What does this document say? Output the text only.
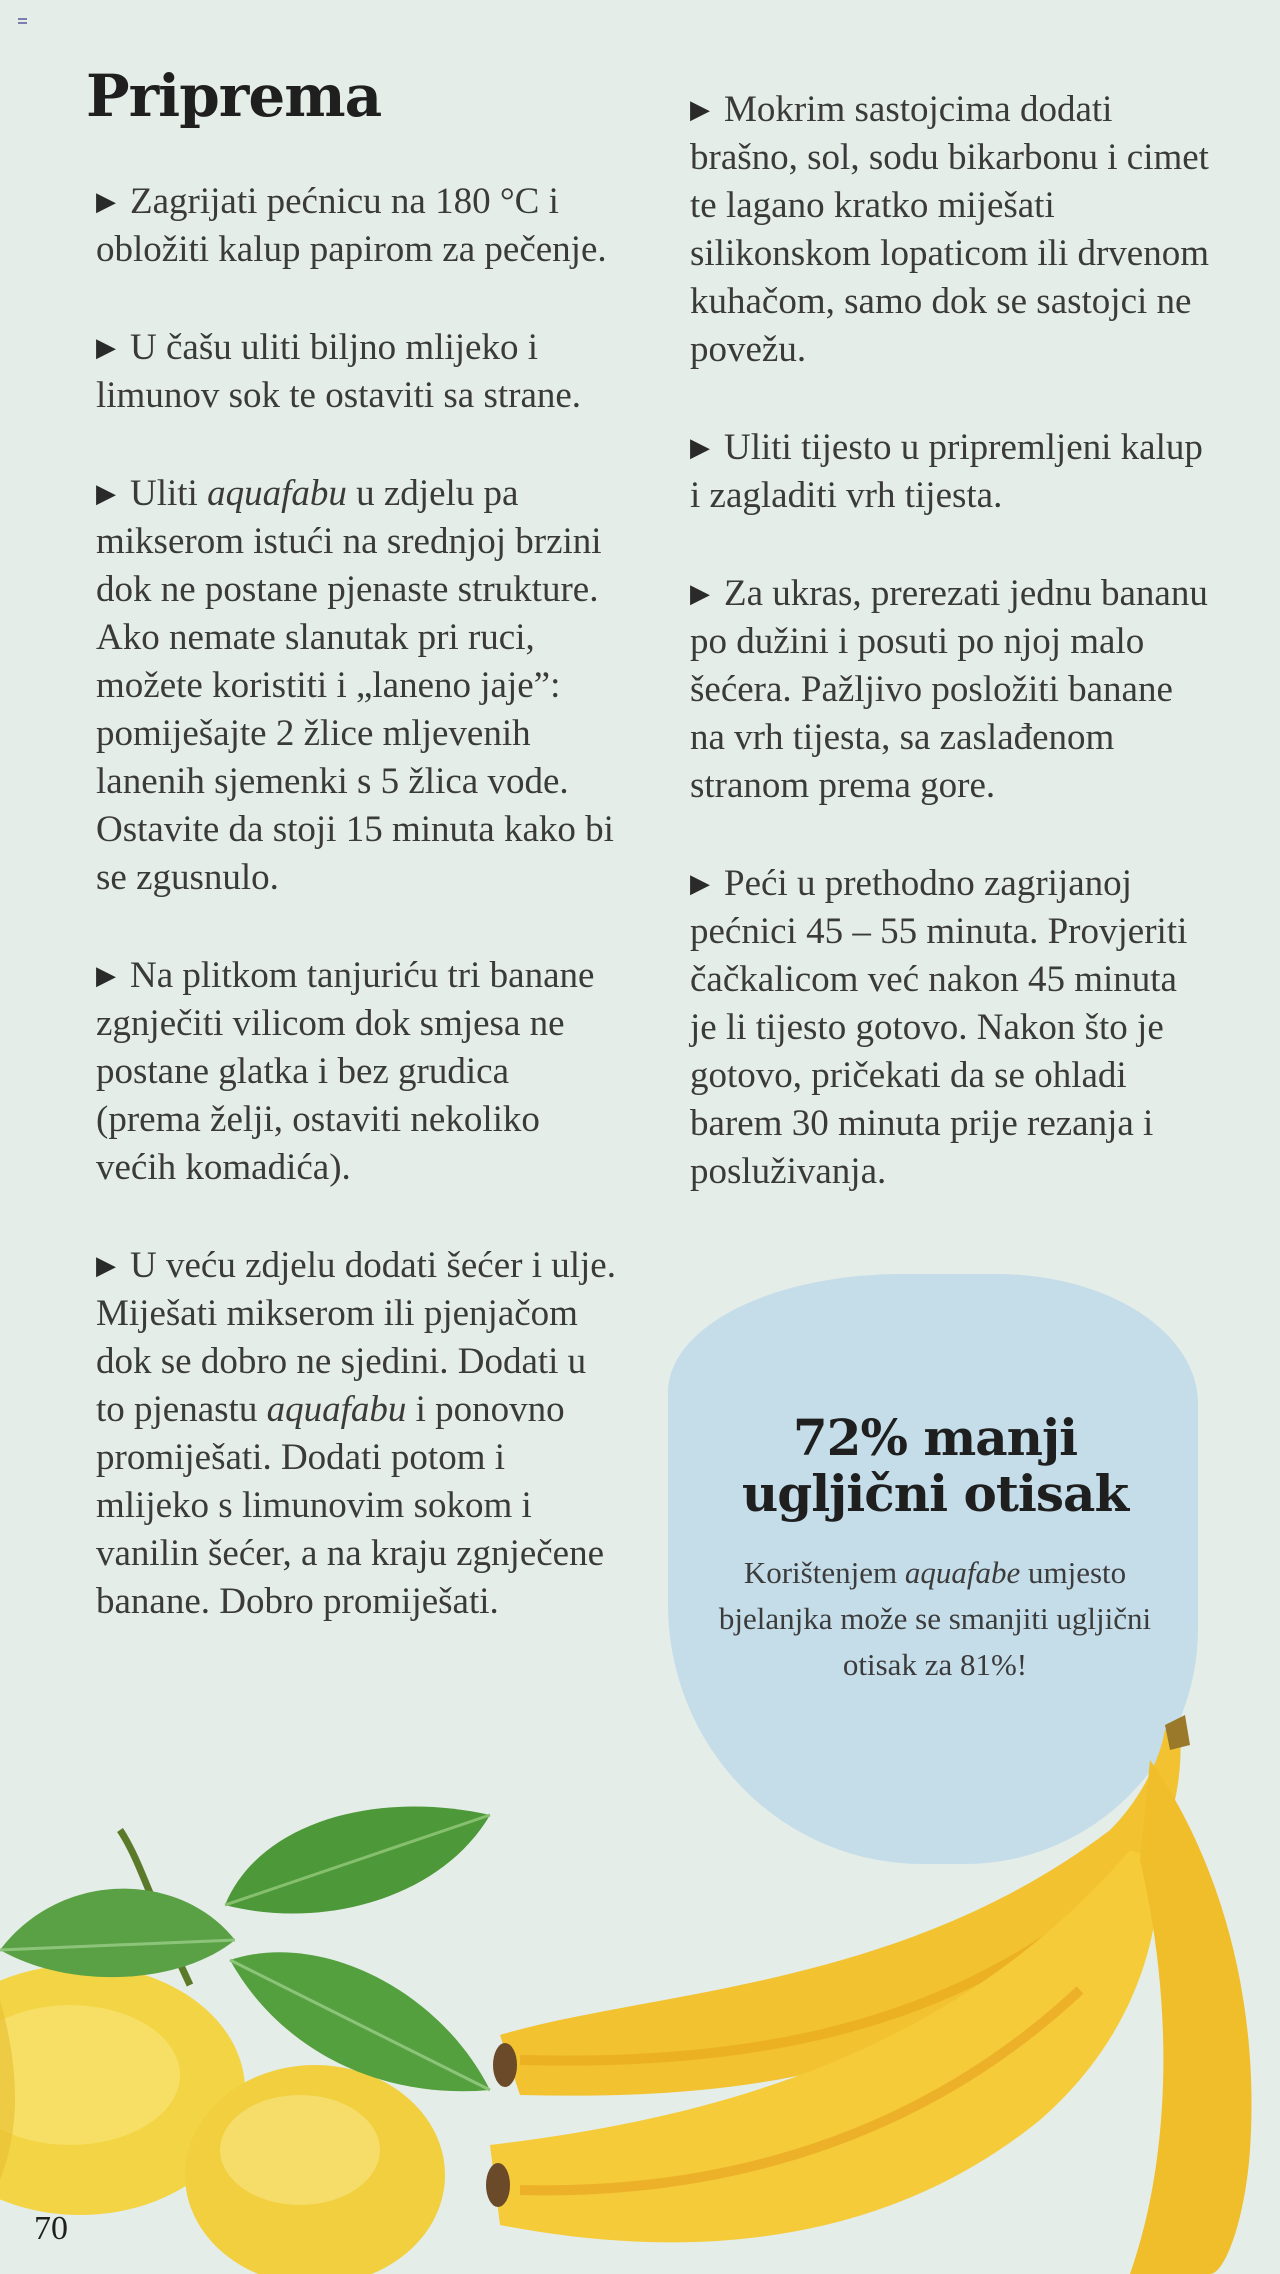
Priprema

▶ Zagrijati pećnicu na 180 °C i obložiti kalup papirom za pečenje.

▶ U čašu uliti biljno mlijeko i limunov sok te ostaviti sa strane.

▶ Uliti aquafabu u zdjelu pa mikserom istući na srednjoj brzini dok ne postane pjenaste strukture. Ako nemate slanutak pri ruci, možete koristiti i „laneno jaje”: pomiješajte 2 žlice mljevenih lanenih sjemenki s 5 žlica vode. Ostavite da stoji 15 minuta kako bi se zgusnulo.

▶ Na plitkom tanjuriću tri banane zgnječiti vilicom dok smjesa ne postane glatka i bez grudica (prema želji, ostaviti nekoliko većih komadića).

▶ U veću zdjelu dodati šećer i ulje. Miješati mikserom ili pjenjačom dok se dobro ne sjedini. Dodati u to pjenastu aquafabu i ponovno promiješati. Dodati potom i mlijeko s limunovim sokom i vanilin šećer, a na kraju zgnječene banane. Dobro promiješati.

▶ Mokrim sastojcima dodati brašno, sol, sodu bikarbonu i cimet te lagano kratko miješati silikonskom lopaticom ili drvenom kuhačom, samo dok se sastojci ne povežu.

▶ Uliti tijesto u pripremljeni kalup i zagladiti vrh tijesta.

▶ Za ukras, prerezati jednu bananu po dužini i posuti po njoj malo šećera. Pažljivo posložiti banane na vrh tijesta, sa zaslađenom stranom prema gore.

▶ Peći u prethodno zagrijanoj pećnici 45 – 55 minuta. Provjeriti čačkalicom već nakon 45 minuta je li tijesto gotovo. Nakon što je gotovo, pričekati da se ohladi barem 30 minuta prije rezanja i posluživanja.

72% manji
ugljični otisak

Korištenjem aquafabe umjesto bjelanjka može se smanjiti ugljični otisak za 81%!

70
